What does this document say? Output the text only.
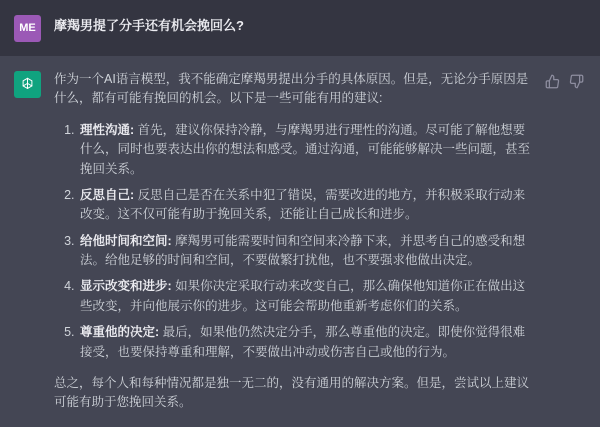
ME	摩羯男提了分手还有机会挽回么?

作为一个AI语言模型，我不能确定摩羯男提出分手的具体原因。但是，无论分手原因是什么，都有可能有挽回的机会。以下是一些可能有用的建议:

1. 理性沟通: 首先，建议你保持冷静，与摩羯男进行理性的沟通。尽可能了解他想要什么，同时也要表达出你的想法和感受。通过沟通，可能能够解决一些问题，甚至挽回关系。
2. 反思自己: 反思自己是否在关系中犯了错误，需要改进的地方，并积极采取行动来改变。这不仅可能有助于挽回关系，还能让自己成长和进步。
3. 给他时间和空间: 摩羯男可能需要时间和空间来冷静下来，并思考自己的感受和想法。给他足够的时间和空间，不要做繁打扰他，也不要强求他做出决定。
4. 显示改变和进步: 如果你决定采取行动来改变自己，那么确保他知道你正在做出这些改变，并向他展示你的进步。这可能会帮助他重新考虑你们的关系。
5. 尊重他的决定: 最后，如果他仍然决定分手，那么尊重他的决定。即使你觉得很难接受，也要保持尊重和理解，不要做出冲动或伤害自己或他的行为。

总之，每个人和每种情况都是独一无二的，没有通用的解决方案。但是，尝试以上建议可能有助于您挽回关系。
